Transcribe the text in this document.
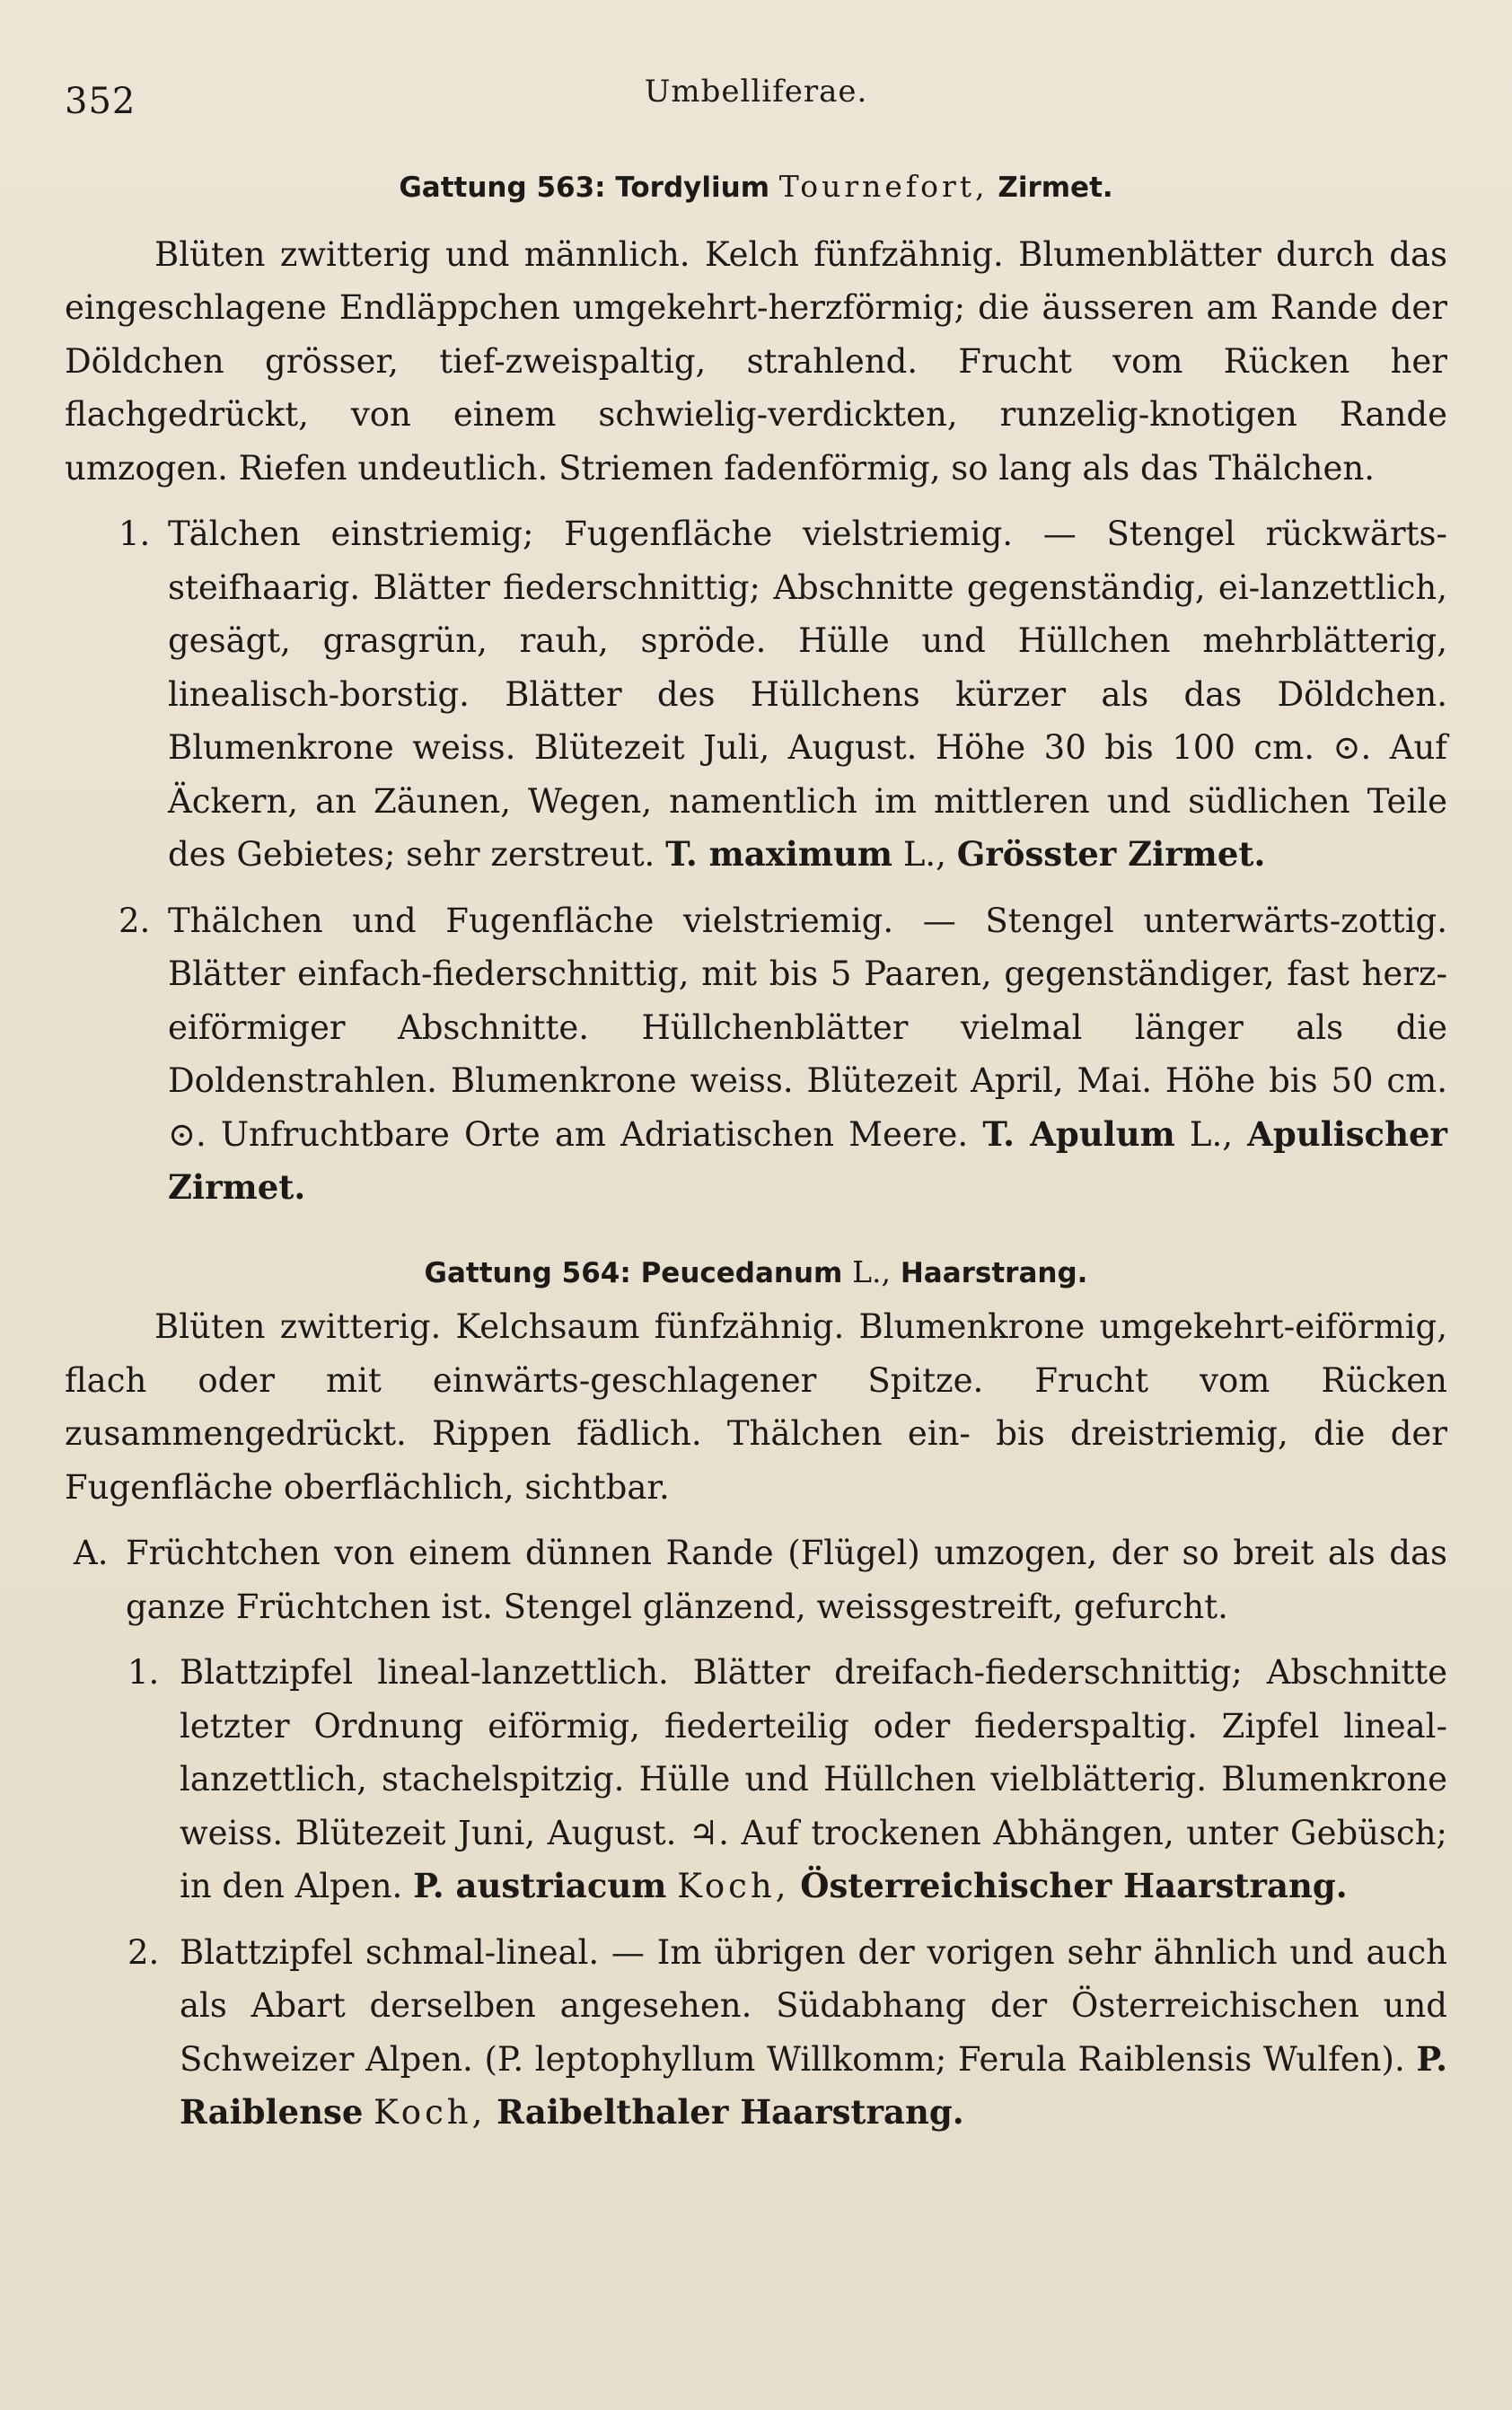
352	Umbelliferae.

Gattung 563: Tordylium Tournefort, Zirmet.

Blüten zwitterig und männlich. Kelch fünfzähnig. Blumenblätter durch das eingeschlagene Endläppchen umgekehrt-herzförmig; die äusseren am Rande der Döldchen grösser, tief-zweispaltig, strahlend. Frucht vom Rücken her flachgedrückt, von einem schwielig-verdickten, runzelig-knotigen Rande umzogen. Riefen undeutlich. Striemen fadenförmig, so lang als das Thälchen.

1. Tälchen einstriemig; Fugenfläche vielstriemig. — Stengel rückwärts-steifhaarig. Blätter fiederschnittig; Abschnitte gegenständig, ei-lanzettlich, gesägt, grasgrün, rauh, spröde. Hülle und Hüllchen mehrblätterig, linealisch-borstig. Blätter des Hüllchens kürzer als das Döldchen. Blumenkrone weiss. Blütezeit Juli, August. Höhe 30 bis 100 cm. ⊙. Auf Äckern, an Zäunen, Wegen, namentlich im mittleren und südlichen Teile des Gebietes; sehr zerstreut. T. maximum L., Grösster Zirmet.
2. Thälchen und Fugenfläche vielstriemig. — Stengel unterwärts-zottig. Blätter einfach-fiederschnittig, mit bis 5 Paaren, gegenständiger, fast herz-eiförmiger Abschnitte. Hüllchenblätter vielmal länger als die Doldenstrahlen. Blumenkrone weiss. Blütezeit April, Mai. Höhe bis 50 cm. ⊙. Unfruchtbare Orte am Adriatischen Meere. T. Apulum L., Apulischer Zirmet.

Gattung 564: Peucedanum L., Haarstrang.

Blüten zwitterig. Kelchsaum fünfzähnig. Blumenkrone umgekehrt-eiförmig, flach oder mit einwärts-geschlagener Spitze. Frucht vom Rücken zusammengedrückt. Rippen fädlich. Thälchen ein- bis dreistriemig, die der Fugenfläche oberflächlich, sichtbar.

A. Früchtchen von einem dünnen Rande (Flügel) umzogen, der so breit als das ganze Früchtchen ist. Stengel glänzend, weissgestreift, gefurcht.
1. Blattzipfel lineal-lanzettlich. Blätter dreifach-fiederschnittig; Abschnitte letzter Ordnung eiförmig, fiederteilig oder fiederspaltig. Zipfel lineal-lanzettlich, stachelspitzig. Hülle und Hüllchen vielblätterig. Blumenkrone weiss. Blütezeit Juni, August. ♃. Auf trockenen Abhängen, unter Gebüsch; in den Alpen. P. austriacum Koch, Österreichischer Haarstrang.
2. Blattzipfel schmal-lineal. — Im übrigen der vorigen sehr ähnlich und auch als Abart derselben angesehen. Südabhang der Österreichischen und Schweizer Alpen. (P. leptophyllum Willkomm; Ferula Raiblensis Wulfen). P. Raiblense Koch, Raibelthaler Haarstrang.
